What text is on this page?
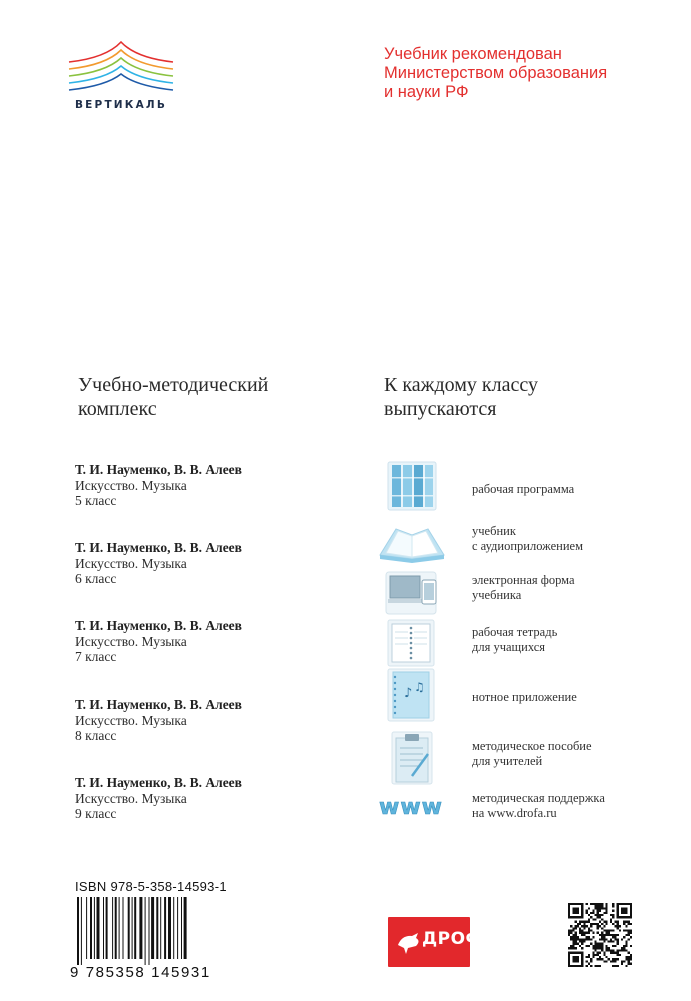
ВЕРТИКАЛЬ
Учебник рекомендован
Министерством образования
и науки РФ
Учебно-методический
комплекс
К каждому классу
выпускаются
Т. И. Науменко, В. В. Алеев
Искусство. Музыка
5 класс
Т. И. Науменко, В. В. Алеев
Искусство. Музыка
6 класс
Т. И. Науменко, В. В. Алеев
Искусство. Музыка
7 класс
Т. И. Науменко, В. В. Алеев
Искусство. Музыка
8 класс
Т. И. Науменко, В. В. Алеев
Искусство. Музыка
9 класс
рабочая программа
учебник
с аудиоприложением
электронная форма
учебника
рабочая тетрадь
для учащихся
♪ ♫
нотное приложение
методическое пособие
для учителей
www методическая поддержка
на www.drofa.ru
ISBN 978-5-358-14593-1
9 785358 145931
ДРОФА
